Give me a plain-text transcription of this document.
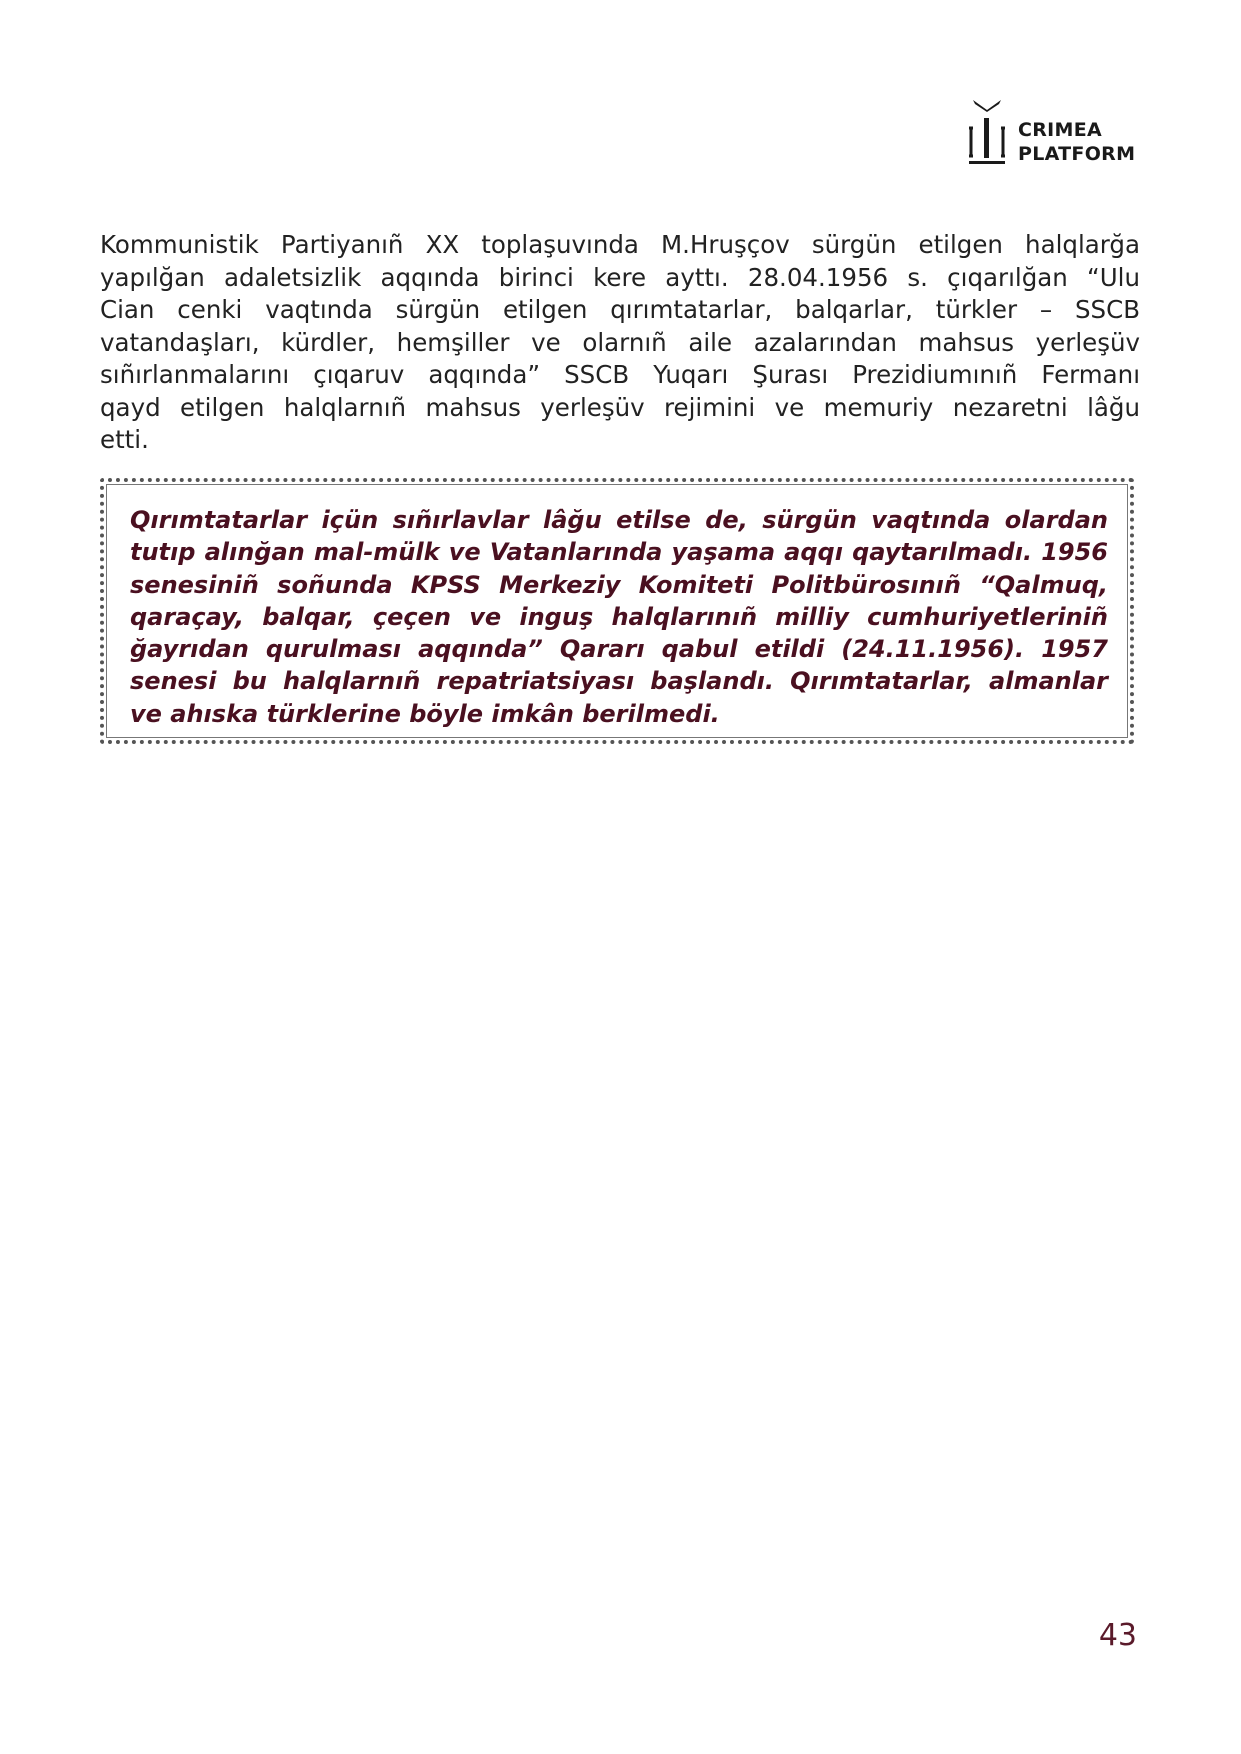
CRIMEA
PLATFORM
Kommunistik Partiyanıñ XX toplaşuvında M.Hruşçov sürgün etilgen halqlarğa
yapılğan adaletsizlik aqqında birinci kere ayttı. 28.04.1956 s. çıqarılğan “Ulu
Cian cenki vaqtında sürgün etilgen qırımtatarlar, balqarlar, türkler – SSCB
vatandaşları, kürdler, hemşiller ve olarnıñ aile azalarından mahsus yerleşüv
sıñırlanmalarını çıqaruv aqqında” SSCB Yuqarı Şurası Prezidiumınıñ Fermanı
qayd etilgen halqlarnıñ mahsus yerleşüv rejimini ve memuriy nezaretni lâğu
etti.
Qırımtatarlar içün sıñırlavlar lâğu etilse de, sürgün vaqtında olardan
tutıp alınğan mal-mülk ve Vatanlarında yaşama aqqı qaytarılmadı. 1956
senesiniñ soñunda KPSS Merkeziy Komiteti Politbürosınıñ “Qalmuq,
qaraçay, balqar, çeçen ve inguş halqlarınıñ milliy cumhuriyetleriniñ
ğayrıdan qurulması aqqında” Qararı qabul etildi (24.11.1956). 1957
senesi bu halqlarnıñ repatriatsiyası başlandı. Qırımtatarlar, almanlar
ve ahıska türklerine böyle imkân berilmedi.
43
